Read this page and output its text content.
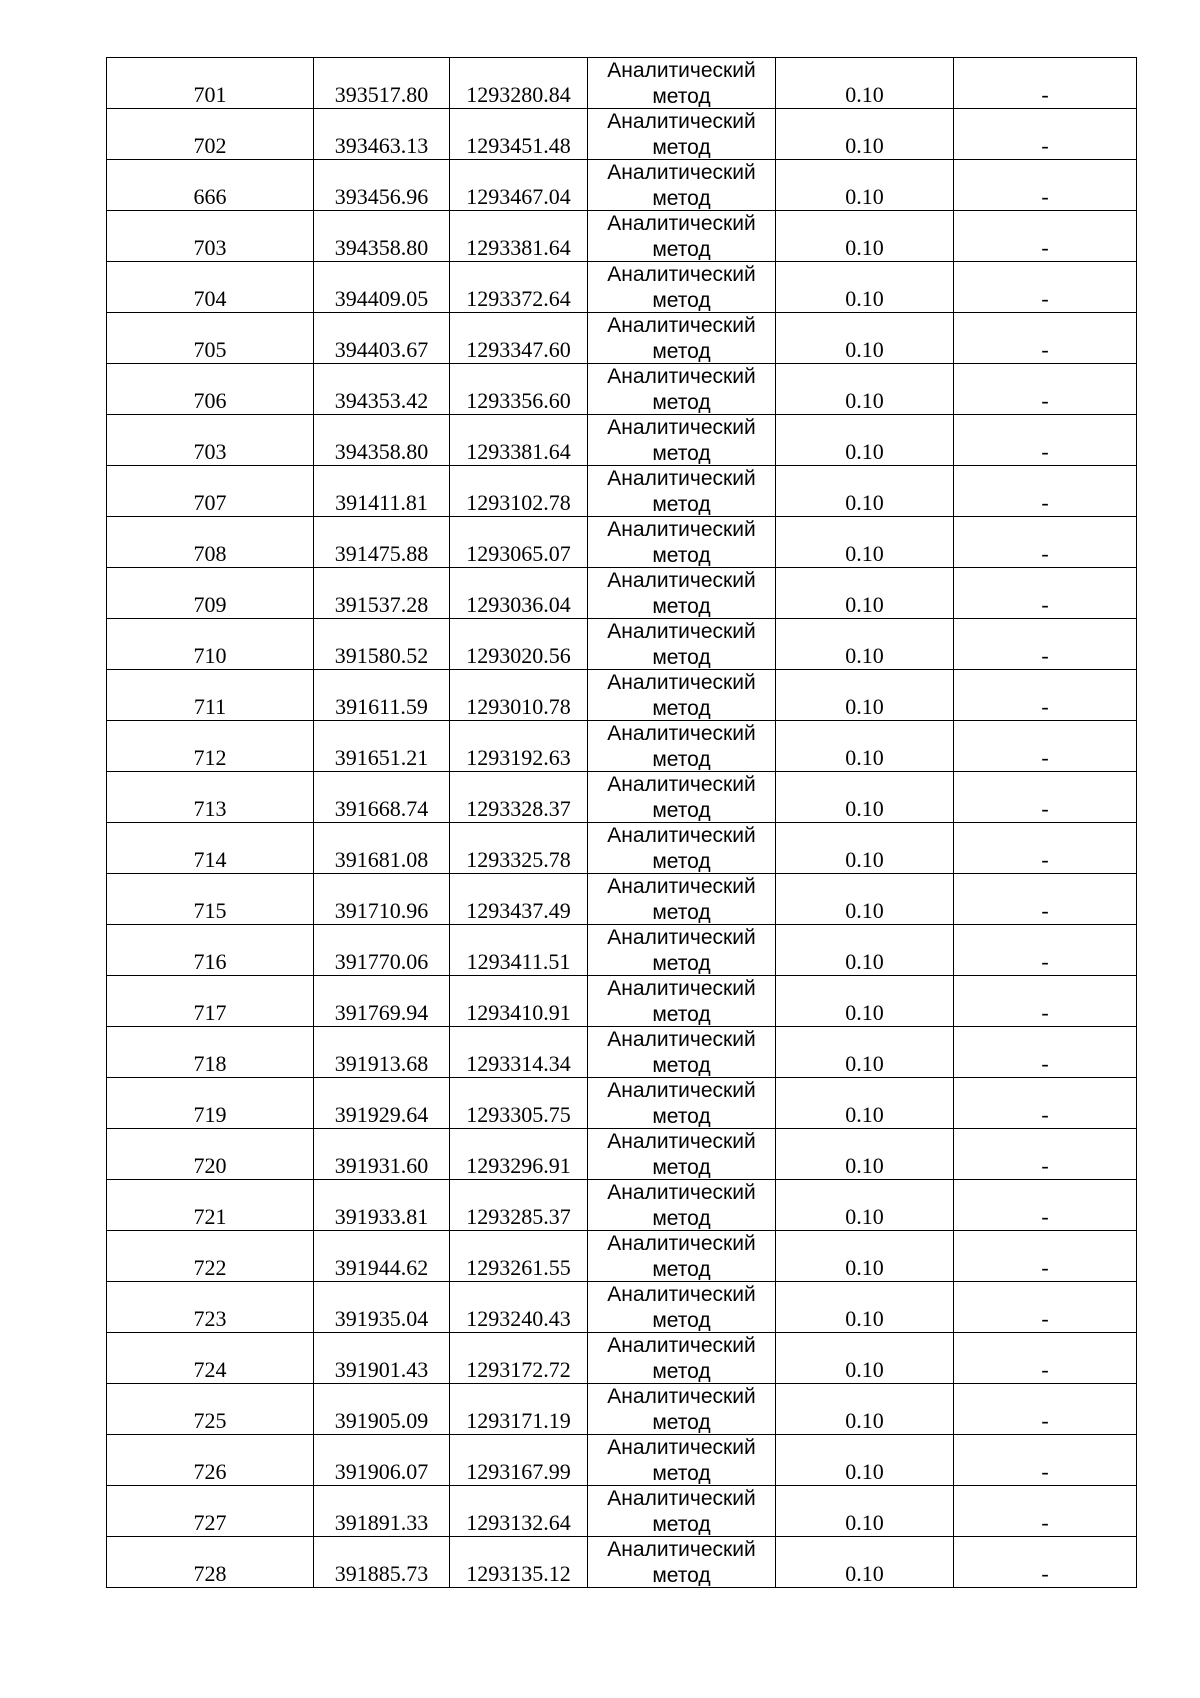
701	393517.80	1293280.84	Аналитический метод	0.10	-

702	393463.13	1293451.48	Аналитический метод	0.10	-

666	393456.96	1293467.04	Аналитический метод	0.10	-

703	394358.80	1293381.64	Аналитический метод	0.10	-

704	394409.05	1293372.64	Аналитический метод	0.10	-

705	394403.67	1293347.60	Аналитический метод	0.10	-

706	394353.42	1293356.60	Аналитический метод	0.10	-

703	394358.80	1293381.64	Аналитический метод	0.10	-

707	391411.81	1293102.78	Аналитический метод	0.10	-

708	391475.88	1293065.07	Аналитический метод	0.10	-

709	391537.28	1293036.04	Аналитический метод	0.10	-

710	391580.52	1293020.56	Аналитический метод	0.10	-

711	391611.59	1293010.78	Аналитический метод	0.10	-

712	391651.21	1293192.63	Аналитический метод	0.10	-

713	391668.74	1293328.37	Аналитический метод	0.10	-

714	391681.08	1293325.78	Аналитический метод	0.10	-

715	391710.96	1293437.49	Аналитический метод	0.10	-

716	391770.06	1293411.51	Аналитический метод	0.10	-

717	391769.94	1293410.91	Аналитический метод	0.10	-

718	391913.68	1293314.34	Аналитический метод	0.10	-

719	391929.64	1293305.75	Аналитический метод	0.10	-

720	391931.60	1293296.91	Аналитический метод	0.10	-

721	391933.81	1293285.37	Аналитический метод	0.10	-

722	391944.62	1293261.55	Аналитический метод	0.10	-

723	391935.04	1293240.43	Аналитический метод	0.10	-

724	391901.43	1293172.72	Аналитический метод	0.10	-

725	391905.09	1293171.19	Аналитический метод	0.10	-

726	391906.07	1293167.99	Аналитический метод	0.10	-

727	391891.33	1293132.64	Аналитический метод	0.10	-

728	391885.73	1293135.12	Аналитический метод	0.10	-
